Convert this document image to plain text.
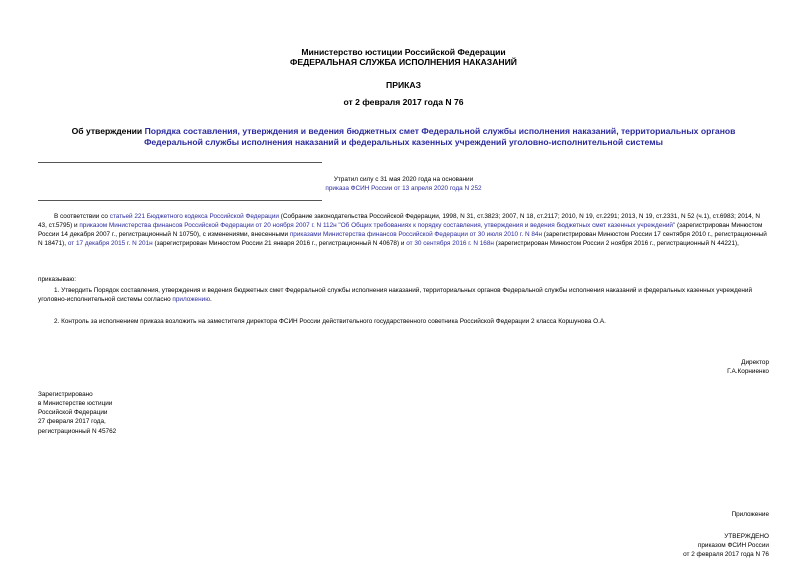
Министерство юстиции Российской Федерации
ФЕДЕРАЛЬНАЯ СЛУЖБА ИСПОЛНЕНИЯ НАКАЗАНИЙ
ПРИКАЗ
от 2 февраля 2017 года N 76
Об утверждении Порядка составления, утверждения и ведения бюджетных смет Федеральной службы исполнения наказаний, территориальных органов
Федеральной службы исполнения наказаний и федеральных казенных учреждений уголовно-исполнительной системы
Утратил силу с 31 мая 2020 года на основании
приказа ФСИН России от 13 апреля 2020 года N 252

В соответствии со статьей 221 Бюджетного кодекса Российской Федерации (Собрание законодательства Российской Федерации, 1998, N 31, ст.3823; 2007, N 18, ст.2117; 2010, N 19, ст.2291; 2013, N 19, ст.2331, N 52 (ч.1), ст.6983; 2014, N 43, ст.5795) и приказом Министерства финансов Российской Федерации от 20 ноября 2007 г. N 112н "Об Общих требованиях к порядку составления, утверждения и ведения бюджетных смет казенных учреждений" (зарегистрирован Минюстом России 14 декабря 2007 г., регистрационный N 10750), с изменениями, внесенными приказами Министерства финансов Российской Федерации от 30 июля 2010 г. N 84н (зарегистрирован Минюстом России 17 сентября 2010 г., регистрационный N 18471), от 17 декабря 2015 г. N 201н (зарегистрирован Минюстом России 21 января 2016 г., регистрационный N 40678) и от 30 сентября 2016 г. N 168н (зарегистрирован Минюстом России 2 ноября 2016 г., регистрационный N 44221),

приказываю:

1. Утвердить Порядок составления, утверждения и ведения бюджетных смет Федеральной службы исполнения наказаний, территориальных органов Федеральной службы исполнения наказаний и федеральных казенных учреждений уголовно-исполнительной системы согласно приложению.

2. Контроль за исполнением приказа возложить на заместителя директора ФСИН России действительного государственного советника Российской Федерации 2 класса Коршунова О.А.

Директор
Г.А.Корниенко
Зарегистрировано
в Министерстве юстиции
Российской Федерации
27 февраля 2017 года,
регистрационный N 45762
Приложение
УТВЕРЖДЕНО
приказом ФСИН России
от 2 февраля 2017 года N 76
